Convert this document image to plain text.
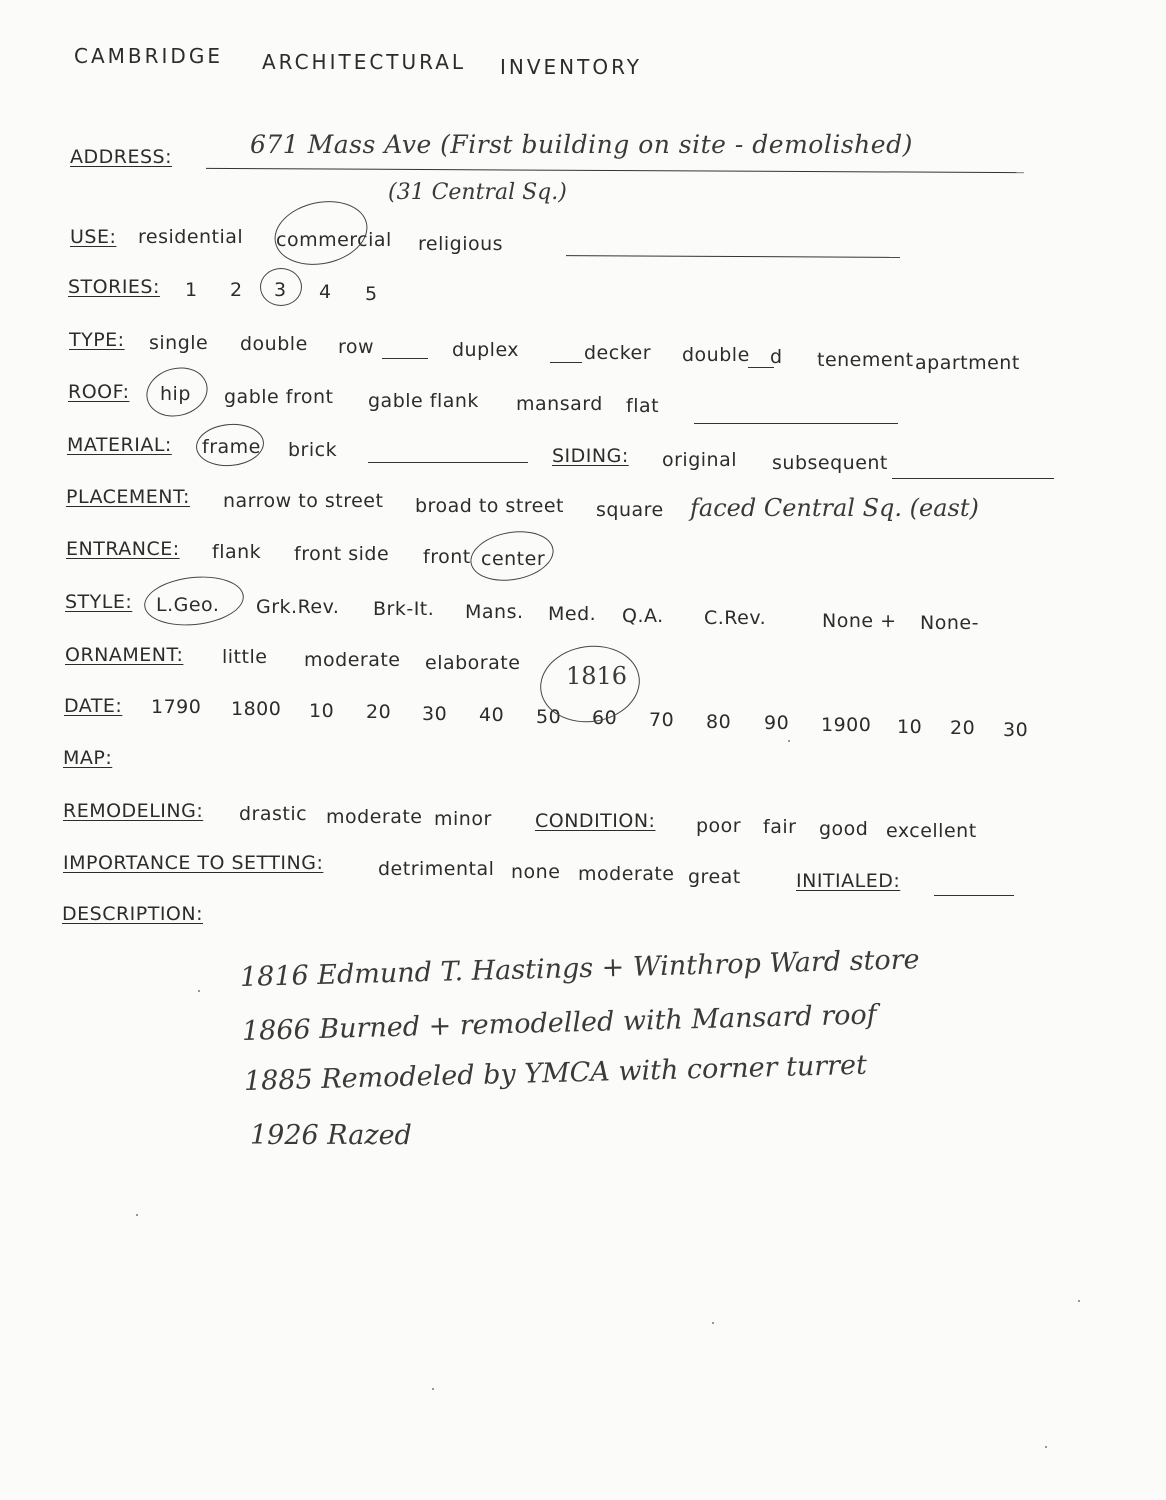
CAMBRIDGE ARCHITECTURAL INVENTORY
ADDRESS:	671 Mass Ave (First building on site - demolished)
(31 Central Sq.)
USE: residential commercial religious
STORIES: 1 2 3 4 5
TYPE: single double row	duplex	decker double d tenement apartment
ROOF: hip gable front gable flank mansard flat
MATERIAL: frame brick	SIDING: original subsequent
PLACEMENT: narrow to street broad to street square faced Central Sq. (east)
ENTRANCE: flank front side front center
STYLE: L.Geo. Grk.Rev. Brk-It. Mans. Med. Q.A. C.Rev.	None + None-
ORNAMENT: little moderate elaborate
DATE: 1790 1800 10 20 30 40 50 60 70 80 90 1900 10 20 30
1816
MAP:
REMODELING: drastic moderate minor CONDITION: poor fair good excellent
IMPORTANCE TO SETTING:	detrimental none moderate great	INITIALED:
DESCRIPTION:
1816 Edmund T. Hastings + Winthrop Ward store
1866 Burned + remodelled with Mansard roof
1885 Remodeled by YMCA with corner turret
1926 Razed
